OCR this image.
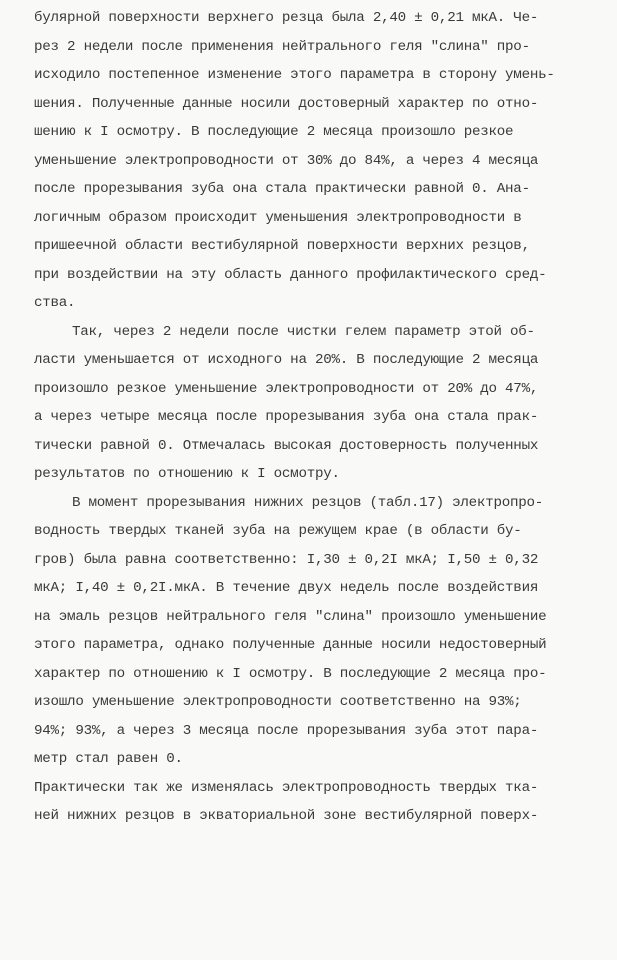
булярной поверхности верхнего резца была 2,40 ± 0,21 мкА. Че-
рез 2 недели после применения нейтрального геля "слина" про-
исходило постепенное изменение этого параметра в сторону умень-
шения. Полученные данные носили достоверный характер по отно-
шению к I осмотру. В последующие 2 месяца произошло резкое
уменьшение электропроводности от 30% до 84%, а через 4 месяца
после прорезывания зуба она стала практически равной 0. Ана-
логичным образом происходит уменьшения электропроводности в
пришеечной области вестибулярной поверхности верхних резцов,
при воздействии на эту область данного профилактического сред-
ства.
Так, через 2 недели после чистки гелем параметр этой об-
ласти уменьшается от исходного на 20%. В последующие 2 месяца
произошло резкое уменьшение электропроводности от 20% до 47%,
а через четыре месяца после прорезывания зуба она стала прак-
тически равной 0. Отмечалась высокая достоверность полученных
результатов по отношению к I осмотру.
В момент прорезывания нижних резцов (табл.17) электропро-
водность твердых тканей зуба на режущем крае (в области бу-
гров) была равна соответственно: I,30 ± 0,2I мкА; I,50 ± 0,32
мкА; I,40 ± 0,2I.мкА. В течение двух недель после воздействия
на эмаль резцов нейтрального геля "слина" произошло уменьшение
этого параметра, однако полученные данные носили недостоверный
характер по отношению к I осмотру. В последующие 2 месяца про-
изошло уменьшение электропроводности соответственно на 93%;
94%; 93%, а через 3 месяца после прорезывания зуба этот пара-
метр стал равен 0.
Практически так же изменялась электропроводность твердых тка-
ней нижних резцов в экваториальной зоне вестибулярной поверх-
